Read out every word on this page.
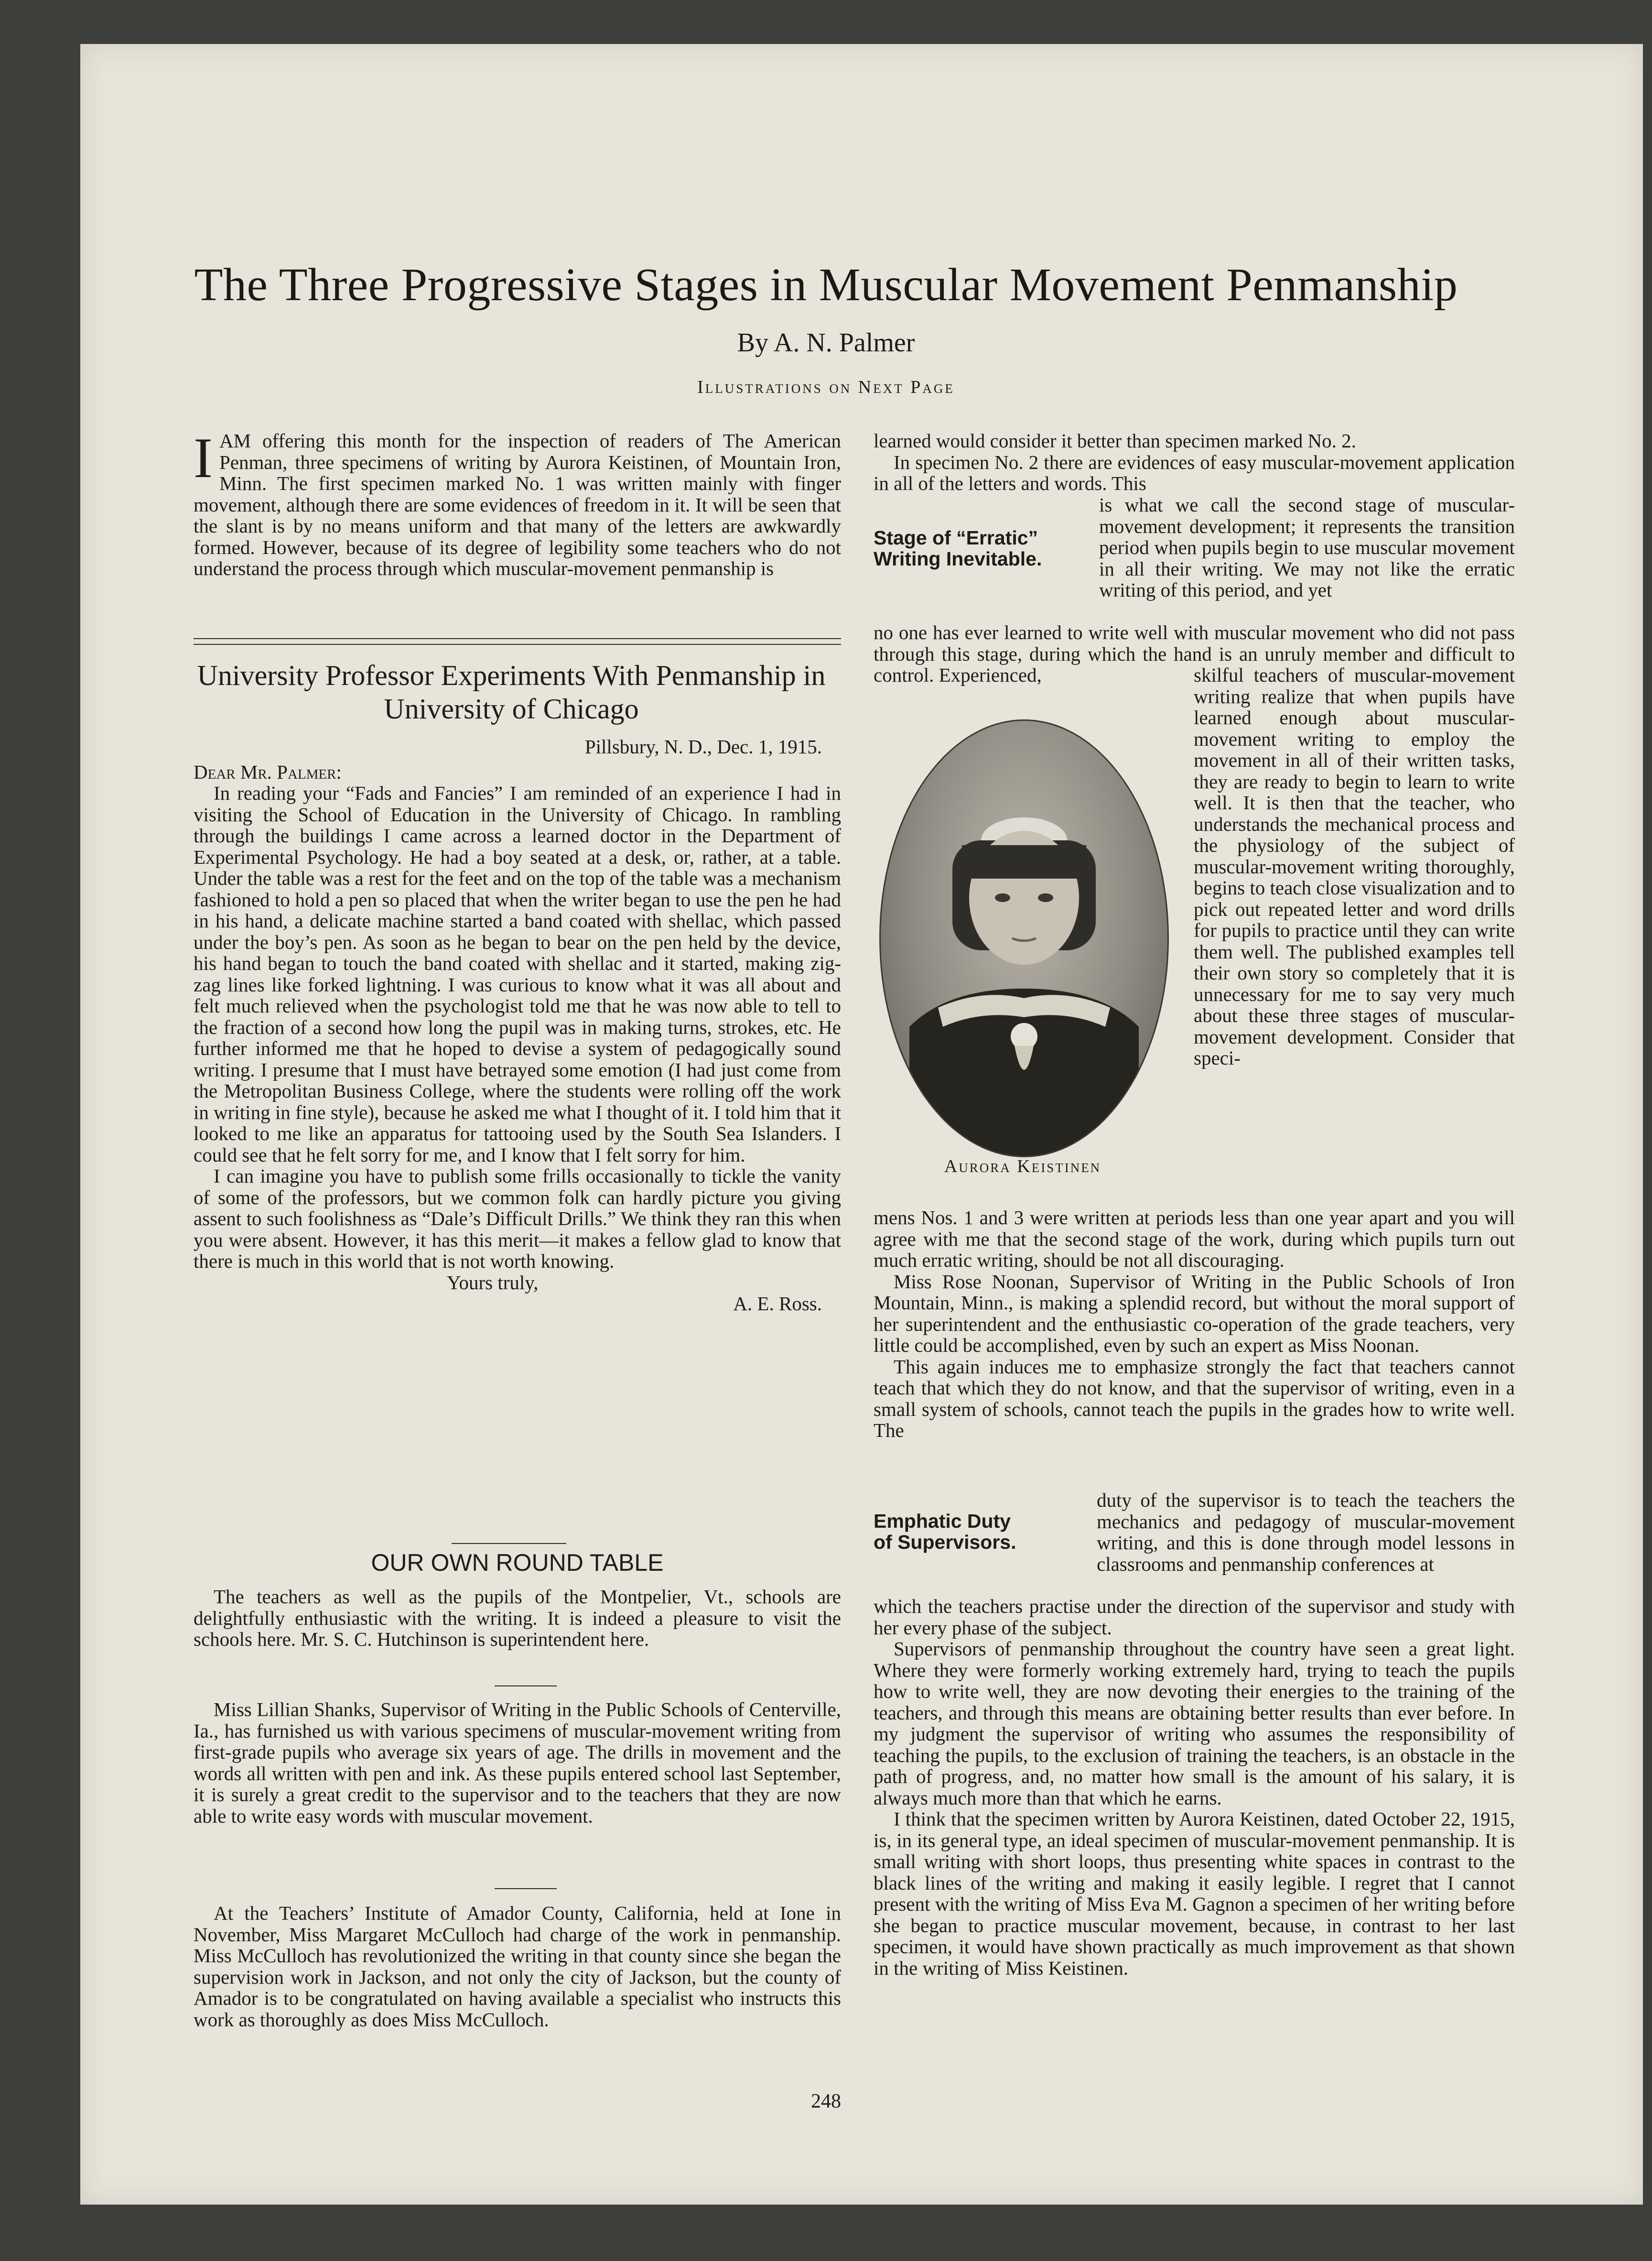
The Three Progressive Stages in Muscular Movement Penmanship
By A. N. Palmer
Illustrations on Next Page

IAM offering this month for the inspection of readers of The American Penman, three specimens of writing by Aurora Keistinen, of Mountain Iron, Minn. The first specimen marked No. 1 was written mainly with finger movement, although there are some evidences of freedom in it. It will be seen that the slant is by no means uniform and that many of the letters are awkwardly formed. However, because of its degree of legibility some teachers who do not understand the process through which muscular-movement penmanship is

University Professor Experiments With Penmanship in University of Chicago

Pillsbury, N. D., Dec. 1, 1915.

Dear Mr. Palmer:

In reading your “Fads and Fancies” I am reminded of an experience I had in visiting the School of Education in the University of Chicago. In rambling through the buildings I came across a learned doctor in the Department of Experimental Psychology. He had a boy seated at a desk, or, rather, at a table. Under the table was a rest for the feet and on the top of the table was a mechanism fashioned to hold a pen so placed that when the writer began to use the pen he had in his hand, a delicate machine started a band coated with shellac, which passed under the boy’s pen. As soon as he began to bear on the pen held by the device, his hand began to touch the band coated with shellac and it started, making zig-zag lines like forked lightning. I was curious to know what it was all about and felt much relieved when the psychologist told me that he was now able to tell to the fraction of a second how long the pupil was in making turns, strokes, etc. He further informed me that he hoped to devise a system of pedagogically sound writing. I presume that I must have betrayed some emotion (I had just come from the Metropolitan Business College, where the students were rolling off the work in writing in fine style), because he asked me what I thought of it. I told him that it looked to me like an apparatus for tattooing used by the South Sea Islanders. I could see that he felt sorry for me, and I know that I felt sorry for him.

I can imagine you have to publish some frills occasionally to tickle the vanity of some of the professors, but we common folk can hardly picture you giving assent to such foolishness as “Dale’s Difficult Drills.” We think they ran this when you were absent. However, it has this merit—it makes a fellow glad to know that there is much in this world that is not worth knowing.

Yours truly,

A. E. Ross.

OUR OWN ROUND TABLE

The teachers as well as the pupils of the Montpelier, Vt., schools are delightfully enthusiastic with the writing. It is indeed a pleasure to visit the schools here. Mr. S. C. Hutchinson is superintendent here.

Miss Lillian Shanks, Supervisor of Writing in the Public Schools of Centerville, Ia., has furnished us with various specimens of muscular-movement writing from first-grade pupils who average six years of age. The drills in movement and the words all written with pen and ink. As these pupils entered school last September, it is surely a great credit to the supervisor and to the teachers that they are now able to write easy words with muscular movement.

At the Teachers’ Institute of Amador County, California, held at Ione in November, Miss Margaret McCulloch had charge of the work in penmanship. Miss McCulloch has revolutionized the writing in that county since she began the supervision work in Jackson, and not only the city of Jackson, but the county of Amador is to be congratulated on having available a specialist who instructs this work as thoroughly as does Miss McCulloch.

learned would consider it better than specimen marked No. 2.

In specimen No. 2 there are evidences of easy muscular-movement application in all of the letters and words. This

Stage of “Erratic” Writing Inevitable.

is what we call the second stage of muscular-movement development; it represents the transition period when pupils begin to use muscular movement in all their writing. We may not like the erratic writing of this period, and yet

no one has ever learned to write well with muscular movement who did not pass through this stage, during which the hand is an unruly member and difficult to control. Experienced,

Aurora Keistinen

skilful teachers of muscular-movement writing realize that when pupils have learned enough about muscular-movement writing to employ the movement in all of their written tasks, they are ready to begin to learn to write well. It is then that the teacher, who understands the mechanical process and the physiology of the subject of muscular-movement writing thoroughly, begins to teach close visualization and to pick out repeated letter and word drills for pupils to practice until they can write them well. The published examples tell their own story so completely that it is unnecessary for me to say very much about these three stages of muscular-movement development. Consider that speci-

mens Nos. 1 and 3 were written at periods less than one year apart and you will agree with me that the second stage of the work, during which pupils turn out much erratic writing, should be not all discouraging.

Miss Rose Noonan, Supervisor of Writing in the Public Schools of Iron Mountain, Minn., is making a splendid record, but without the moral support of her superintendent and the enthusiastic co-operation of the grade teachers, very little could be accomplished, even by such an expert as Miss Noonan.

This again induces me to emphasize strongly the fact that teachers cannot teach that which they do not know, and that the supervisor of writing, even in a small system of schools, cannot teach the pupils in the grades how to write well. The

Emphatic Duty of Supervisors.

duty of the supervisor is to teach the teachers the mechanics and pedagogy of muscular-movement writing, and this is done through model lessons in classrooms and penmanship conferences at

which the teachers practise under the direction of the supervisor and study with her every phase of the subject.

Supervisors of penmanship throughout the country have seen a great light. Where they were formerly working extremely hard, trying to teach the pupils how to write well, they are now devoting their energies to the training of the teachers, and through this means are obtaining better results than ever before. In my judgment the supervisor of writing who assumes the responsibility of teaching the pupils, to the exclusion of training the teachers, is an obstacle in the path of progress, and, no matter how small is the amount of his salary, it is always much more than that which he earns.

I think that the specimen written by Aurora Keistinen, dated October 22, 1915, is, in its general type, an ideal specimen of muscular-movement penmanship. It is small writing with short loops, thus presenting white spaces in contrast to the black lines of the writing and making it easily legible. I regret that I cannot present with the writing of Miss Eva M. Gagnon a specimen of her writing before she began to practice muscular movement, because, in contrast to her last specimen, it would have shown practically as much improvement as that shown in the writing of Miss Keistinen.

248
